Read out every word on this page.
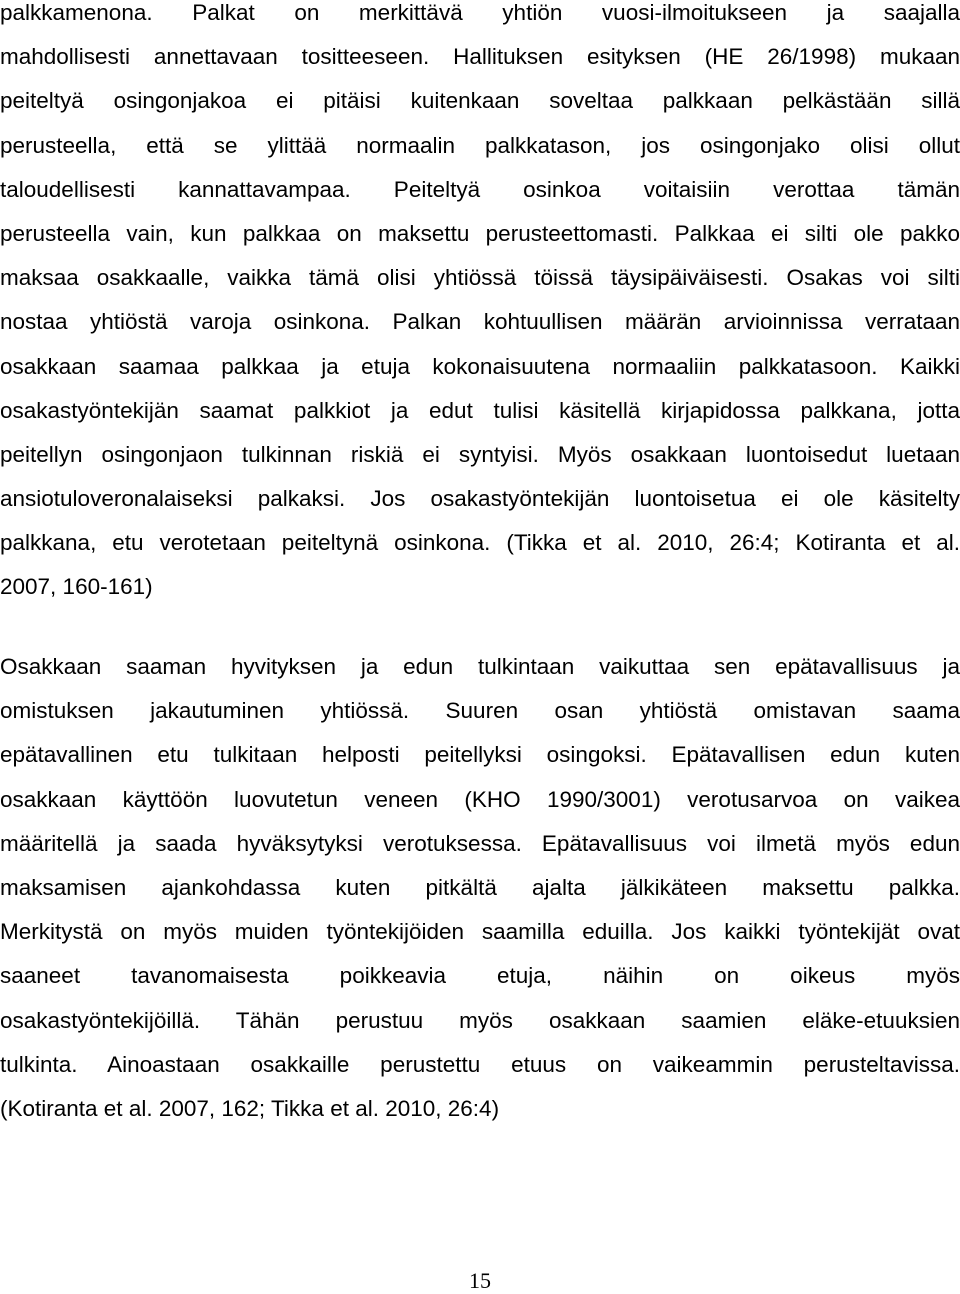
palkkamenona. Palkat on merkittävä yhtiön vuosi-ilmoitukseen ja saajalla
mahdollisesti annettavaan tositteeseen. Hallituksen esityksen (HE 26/1998) mukaan
peiteltyä osingonjakoa ei pitäisi kuitenkaan soveltaa palkkaan pelkästään sillä
perusteella, että se ylittää normaalin palkkatason, jos osingonjako olisi ollut
taloudellisesti kannattavampaa. Peiteltyä osinkoa voitaisiin verottaa tämän
perusteella vain, kun palkkaa on maksettu perusteettomasti. Palkkaa ei silti ole pakko
maksaa osakkaalle, vaikka tämä olisi yhtiössä töissä täysipäiväisesti. Osakas voi silti
nostaa yhtiöstä varoja osinkona. Palkan kohtuullisen määrän arvioinnissa verrataan
osakkaan saamaa palkkaa ja etuja kokonaisuutena normaaliin palkkatasoon. Kaikki
osakastyöntekijän saamat palkkiot ja edut tulisi käsitellä kirjapidossa palkkana, jotta
peitellyn osingonjaon tulkinnan riskiä ei syntyisi. Myös osakkaan luontoisedut luetaan
ansiotuloveronalaiseksi palkaksi. Jos osakastyöntekijän luontoisetua ei ole käsitelty
palkkana, etu verotetaan peiteltynä osinkona. (Tikka et al. 2010, 26:4; Kotiranta et al.
2007, 160-161)
Osakkaan saaman hyvityksen ja edun tulkintaan vaikuttaa sen epätavallisuus ja
omistuksen jakautuminen yhtiössä. Suuren osan yhtiöstä omistavan saama
epätavallinen etu tulkitaan helposti peitellyksi osingoksi. Epätavallisen edun kuten
osakkaan käyttöön luovutetun veneen (KHO 1990/3001) verotusarvoa on vaikea
määritellä ja saada hyväksytyksi verotuksessa. Epätavallisuus voi ilmetä myös edun
maksamisen ajankohdassa kuten pitkältä ajalta jälkikäteen maksettu palkka.
Merkitystä on myös muiden työntekijöiden saamilla eduilla. Jos kaikki työntekijät ovat
saaneet tavanomaisesta poikkeavia etuja, näihin on oikeus myös
osakastyöntekijöillä. Tähän perustuu myös osakkaan saamien eläke-etuuksien
tulkinta. Ainoastaan osakkaille perustettu etuus on vaikeammin perusteltavissa.
(Kotiranta et al. 2007, 162; Tikka et al. 2010, 26:4)
15
